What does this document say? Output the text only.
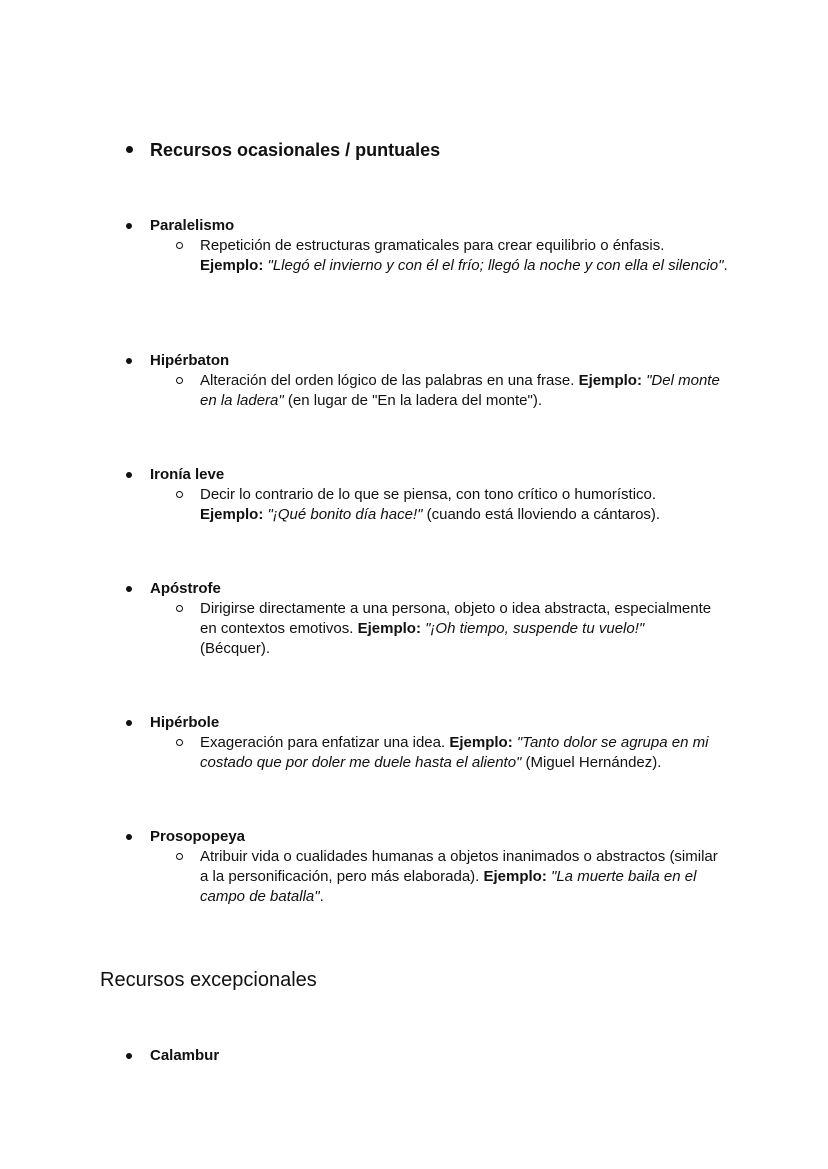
Recursos ocasionales / puntuales
Paralelismo
Repetición de estructuras gramaticales para crear equilibrio o énfasis.
Ejemplo: "Llegó el invierno y con él el frío; llegó la noche y con ella el silencio".
Hipérbaton
Alteración del orden lógico de las palabras en una frase. Ejemplo: "Del monte en la ladera" (en lugar de "En la ladera del monte").
Ironía leve
Decir lo contrario de lo que se piensa, con tono crítico o humorístico.
Ejemplo: "¡Qué bonito día hace!" (cuando está lloviendo a cántaros).
Apóstrofe
Dirigirse directamente a una persona, objeto o idea abstracta, especialmente en contextos emotivos. Ejemplo: "¡Oh tiempo, suspende tu vuelo!"
(Bécquer).
Hipérbole
Exageración para enfatizar una idea. Ejemplo: "Tanto dolor se agrupa en mi costado que por doler me duele hasta el aliento" (Miguel Hernández).
Prosopopeya
Atribuir vida o cualidades humanas a objetos inanimados o abstractos (similar a la personificación, pero más elaborada). Ejemplo: "La muerte baila en el campo de batalla".
Recursos excepcionales
Calambur
